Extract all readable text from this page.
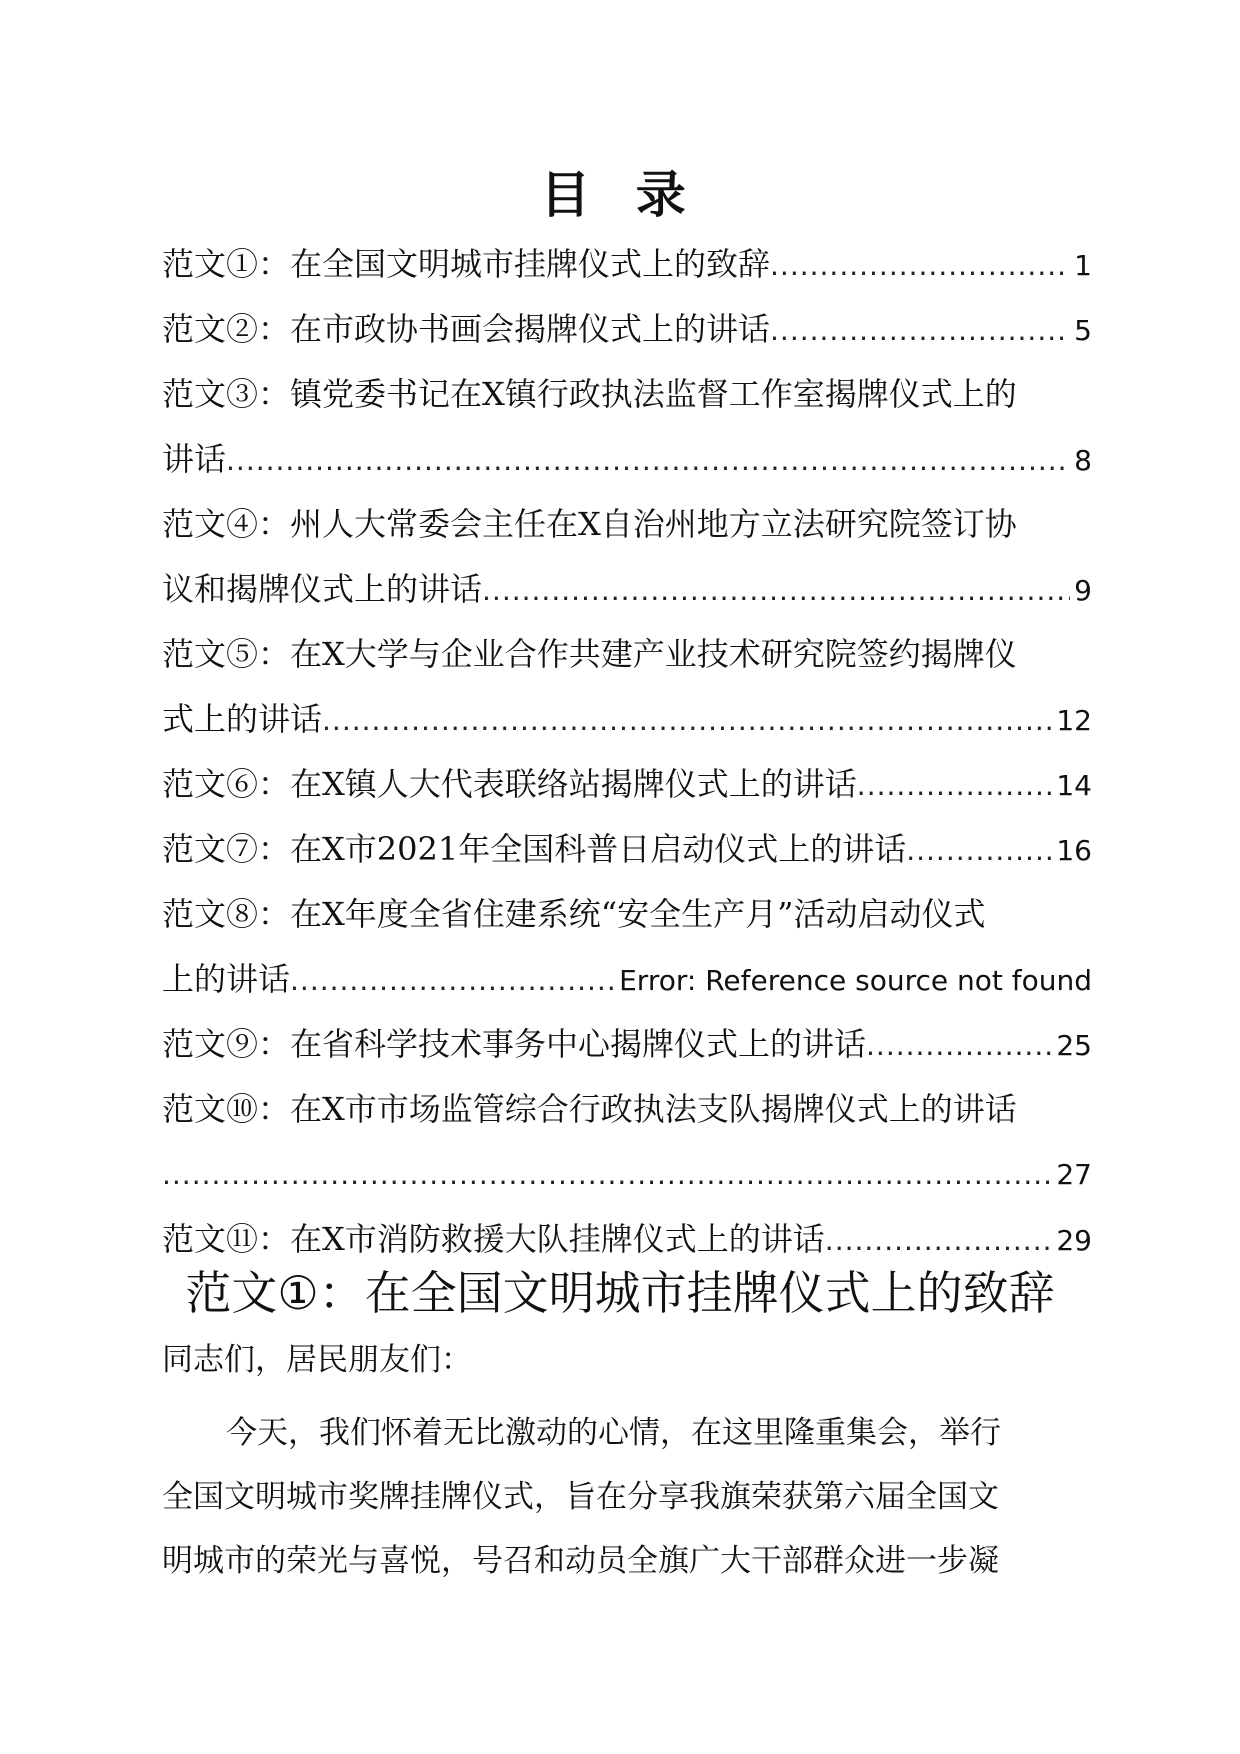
目 录
范文①：在全国文明城市挂牌仪式上的致辞 .....	1
范文②：在市政协书画会揭牌仪式上的讲话 .....	5
范文③：镇党委书记在X镇行政执法监督工作室揭牌仪式上的
讲话 .....	8
范文④：州人大常委会主任在X自治州地方立法研究院签订协
议和揭牌仪式上的讲话 .....	9
范文⑤：在X大学与企业合作共建产业技术研究院签约揭牌仪
式上的讲话 .....	12
范文⑥：在X镇人大代表联络站揭牌仪式上的讲话 .....	14
范文⑦：在X市2021年全国科普日启动仪式上的讲话 .....	16
范文⑧：在X年度全省住建系统“安全生产月”活动启动仪式
上的讲话 .....	Error: Reference source not found
范文⑨：在省科学技术事务中心揭牌仪式上的讲话 .....	25
范文⑩：在X市市场监管综合行政执法支队揭牌仪式上的讲话
.....
27
范文⑪：在X市消防救援大队挂牌仪式上的讲话 .....	29
范文①：在全国文明城市挂牌仪式上的致辞
同志们，居民朋友们：
今天，我们怀着无比激动的心情，在这里隆重集会，举行
全国文明城市奖牌挂牌仪式，旨在分享我旗荣获第六届全国文
明城市的荣光与喜悦，号召和动员全旗广大干部群众进一步凝
